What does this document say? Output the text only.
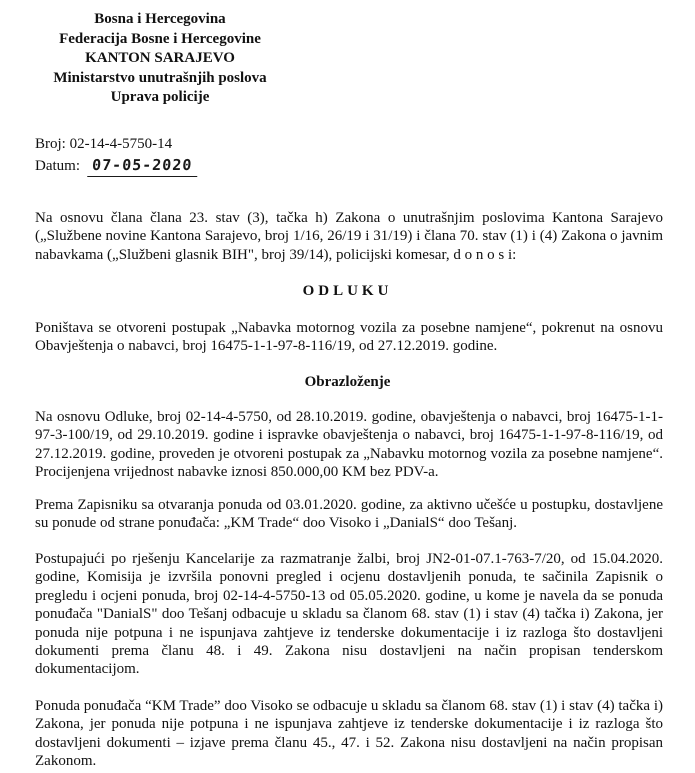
Bosna i Hercegovina
Federacija Bosne i Hercegovine
KANTON SARAJEVO
Ministarstvo unutrašnjih poslova
Uprava policije
Broj: 02-14-4-5750-14
Datum: 07-05-2020
Na osnovu člana člana 23. stav (3), tačka h) Zakona o unutrašnjim poslovima Kantona Sarajevo („Službene novine Kantona Sarajevo, broj 1/16, 26/19 i 31/19) i člana 70. stav (1) i (4) Zakona o javnim nabavkama („Službeni glasnik BIH", broj 39/14), policijski komesar, d o n o s i:
ODLUKU
Poništava se otvoreni postupak „Nabavka motornog vozila za posebne namjene“, pokrenut na osnovu Obavještenja o nabavci, broj 16475-1-1-97-8-116/19, od 27.12.2019. godine.
Obrazloženje
Na osnovu Odluke, broj 02-14-4-5750, od 28.10.2019. godine, obavještenja o nabavci, broj 16475-1-1-97-3-100/19, od 29.10.2019. godine i ispravke obavještenja o nabavci, broj 16475-1-1-97-8-116/19, od 27.12.2019. godine, proveden je otvoreni postupak za „Nabavku motornog vozila za posebne namjene“. Procijenjena vrijednost nabavke iznosi 850.000,00 KM bez PDV-a.
Prema Zapisniku sa otvaranja ponuda od 03.01.2020. godine, za aktivno učešće u postupku, dostavljene su ponude od strane ponuđača: „KM Trade“ doo Visoko i „DanialS“ doo Tešanj.
Postupajući po rješenju Kancelarije za razmatranje žalbi, broj JN2-01-07.1-763-7/20, od 15.04.2020. godine, Komisija je izvršila ponovni pregled i ocjenu dostavljenih ponuda, te sačinila Zapisnik o pregledu i ocjeni ponuda, broj 02-14-4-5750-13 od 05.05.2020. godine, u kome je navela da se ponuda ponuđača "DanialS" doo Tešanj odbacuje u skladu sa članom 68. stav (1) i stav (4) tačka i) Zakona, jer ponuda nije potpuna i ne ispunjava zahtjeve iz tenderske dokumentacije i iz razloga što dostavljeni dokumenti prema članu 48. i 49. Zakona nisu dostavljeni na način propisan tenderskom dokumentacijom.
Ponuda ponuđača “KM Trade” doo Visoko se odbacuje u skladu sa članom 68. stav (1) i stav (4) tačka i) Zakona, jer ponuda nije potpuna i ne ispunjava zahtjeve iz tenderske dokumentacije i iz razloga što dostavljeni dokumenti – izjave prema članu 45., 47. i 52. Zakona nisu dostavljeni na način propisan Zakonom.
